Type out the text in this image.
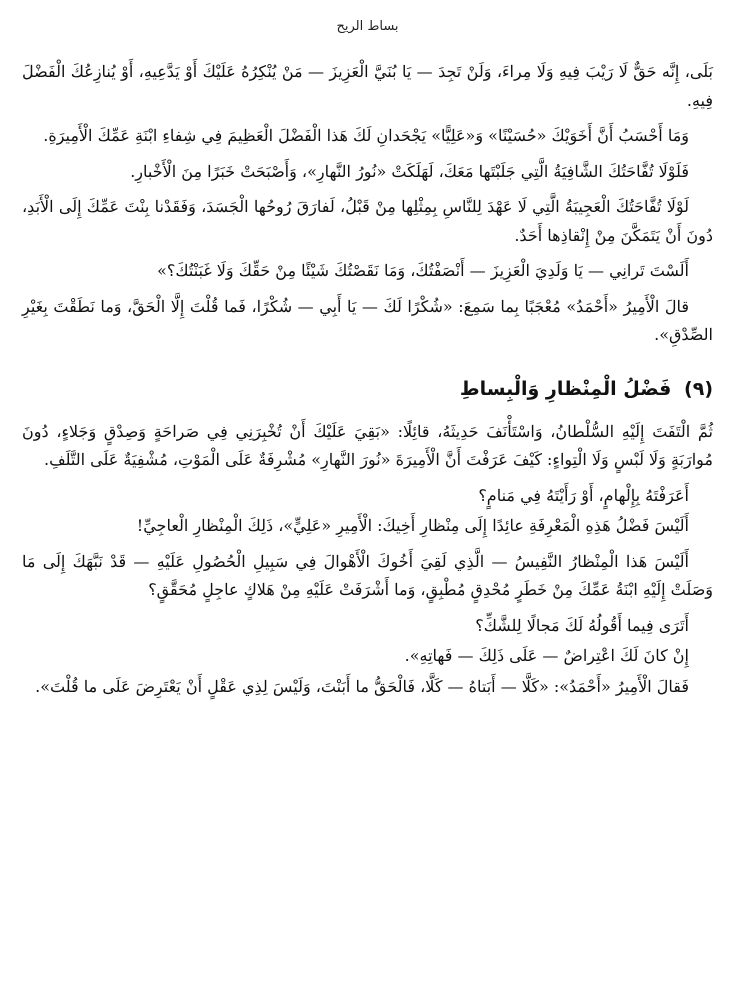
بساط الريح

بَلَى، إِنَّه حَقٌّ لَا رَيْبَ فِيهِ وَلَا مِراءَ، وَلَنْ تَجِدَ — يَا بُنَيَّ الْعَزِيزَ — مَنْ يُنْكِرُهُ عَلَيْكَ أَوْ يَدَّعِيهِ، أَوْ يُنازِعُكَ الْفَضْلَ فِيهِ.

وَمَا أَحْسَبُ أَنَّ أَخَوَيْكَ «حُسَيْنًا» وَ«عَلِيًّا» يَجْحَدانِ لَكَ هَذا الْفَضْلَ الْعَظِيمَ فِي شِفاءِ ابْنَةِ عَمِّكَ الْأَمِيرَةِ.

فَلَوْلَا تُفَّاحَتُكَ الشَّافِيَةُ الَّتِي جَلَبْتَها مَعَكَ، لَهَلَكَتْ «نُورُ النَّهارِ»، وَأَصْبَحَتْ خَبَرًا مِنَ الْأَخْبارِ.

لَوْلَا تُفَّاحَتُكَ الْعَجِيبَةُ الَّتِي لَا عَهْدَ لِلنَّاسِ بِمِثْلِها مِنْ قَبْلُ، لَفارَقَ رُوحُها الْجَسَدَ، وَفَقَدْنا بِنْتَ عَمِّكَ إِلَى الْأَبَدِ، دُونَ أَنْ يَتَمَكَّنَ مِنْ إِنْقاذِها أَحَدٌ.

أَلَسْتَ تَرانِي — يَا وَلَدِيَ الْعَزِيزَ — أَنْصَفْتُكَ، وَمَا نَقَصْتُكَ شَيْئًا مِنْ حَقِّكَ وَلَا غَبَنْتُكَ؟»

قالَ الْأَمِيرُ «أَحْمَدُ» مُعْجَبًا بِما سَمِعَ: «شُكْرًا لَكَ — يَا أَبِي — شُكْرًا، فَما قُلْتَ إِلَّا الْحَقَّ، وَما نَطَقْتَ بِغَيْرِ الصِّدْقِ».

(٩) فَضْلُ الْمِنْظارِ وَالْبِساطِ

ثُمَّ الْتَفَتَ إِلَيْهِ السُّلْطانُ، وَاسْتَأْنَفَ حَدِيثَهُ، قائِلًا: «بَقِيَ عَلَيْكَ أَنْ تُخْبِرَنِي فِي صَراحَةٍ وَصِدْقٍ وَجَلاءٍ، دُونَ مُوارَبَةٍ وَلَا لَبْسٍ وَلَا الْتِواءٍ: كَيْفَ عَرَفْتَ أَنَّ الْأَمِيرَةَ «نُورَ النَّهارِ» مُشْرِفَةٌ عَلَى الْمَوْتِ، مُشْفِيَةٌ عَلَى التَّلَفِ.

أَعَرَفْتَهُ بِإِلْهامٍ، أَوْ رَأَيْتَهُ فِي مَنامٍ؟

أَلَيْسَ فَضْلُ هَذِهِ الْمَعْرِفَةِ عائِدًا إِلَى مِنْظارِ أَخِيكَ: الْأَمِيرِ «عَلِيٍّ»، ذَلِكَ الْمِنْظارِ الْعاجِيِّ!

أَلَيْسَ هَذا الْمِنْظارُ النَّفِيسُ — الَّذِي لَقِيَ أَخُوكَ الْأَهْوالَ فِي سَبِيلِ الْحُصُولِ عَلَيْهِ — قَدْ نَبَّهَكَ إِلَى مَا وَصَلَتْ إِلَيْهِ ابْنَةُ عَمِّكَ مِنْ خَطَرٍ مُحْدِقٍ مُطْبِقٍ، وَما أَشْرَفَتْ عَلَيْهِ مِنْ هَلاكٍ عاجِلٍ مُحَقَّقٍ؟

أَتَرَى فِيما أَقُولُهُ لَكَ مَجالًا لِلشَّكِّ؟

إِنْ كانَ لَكَ اعْتِراضٌ — عَلَى ذَلِكَ — فَهاتِهِ».

فَقالَ الْأَمِيرُ «أَحْمَدُ»: «كَلَّا — أَبَتاهُ — كَلَّا، فَالْحَقُّ ما أَبَنْتَ، وَلَيْسَ لِذِي عَقْلٍ أَنْ يَعْتَرِضَ عَلَى ما قُلْتَ».
